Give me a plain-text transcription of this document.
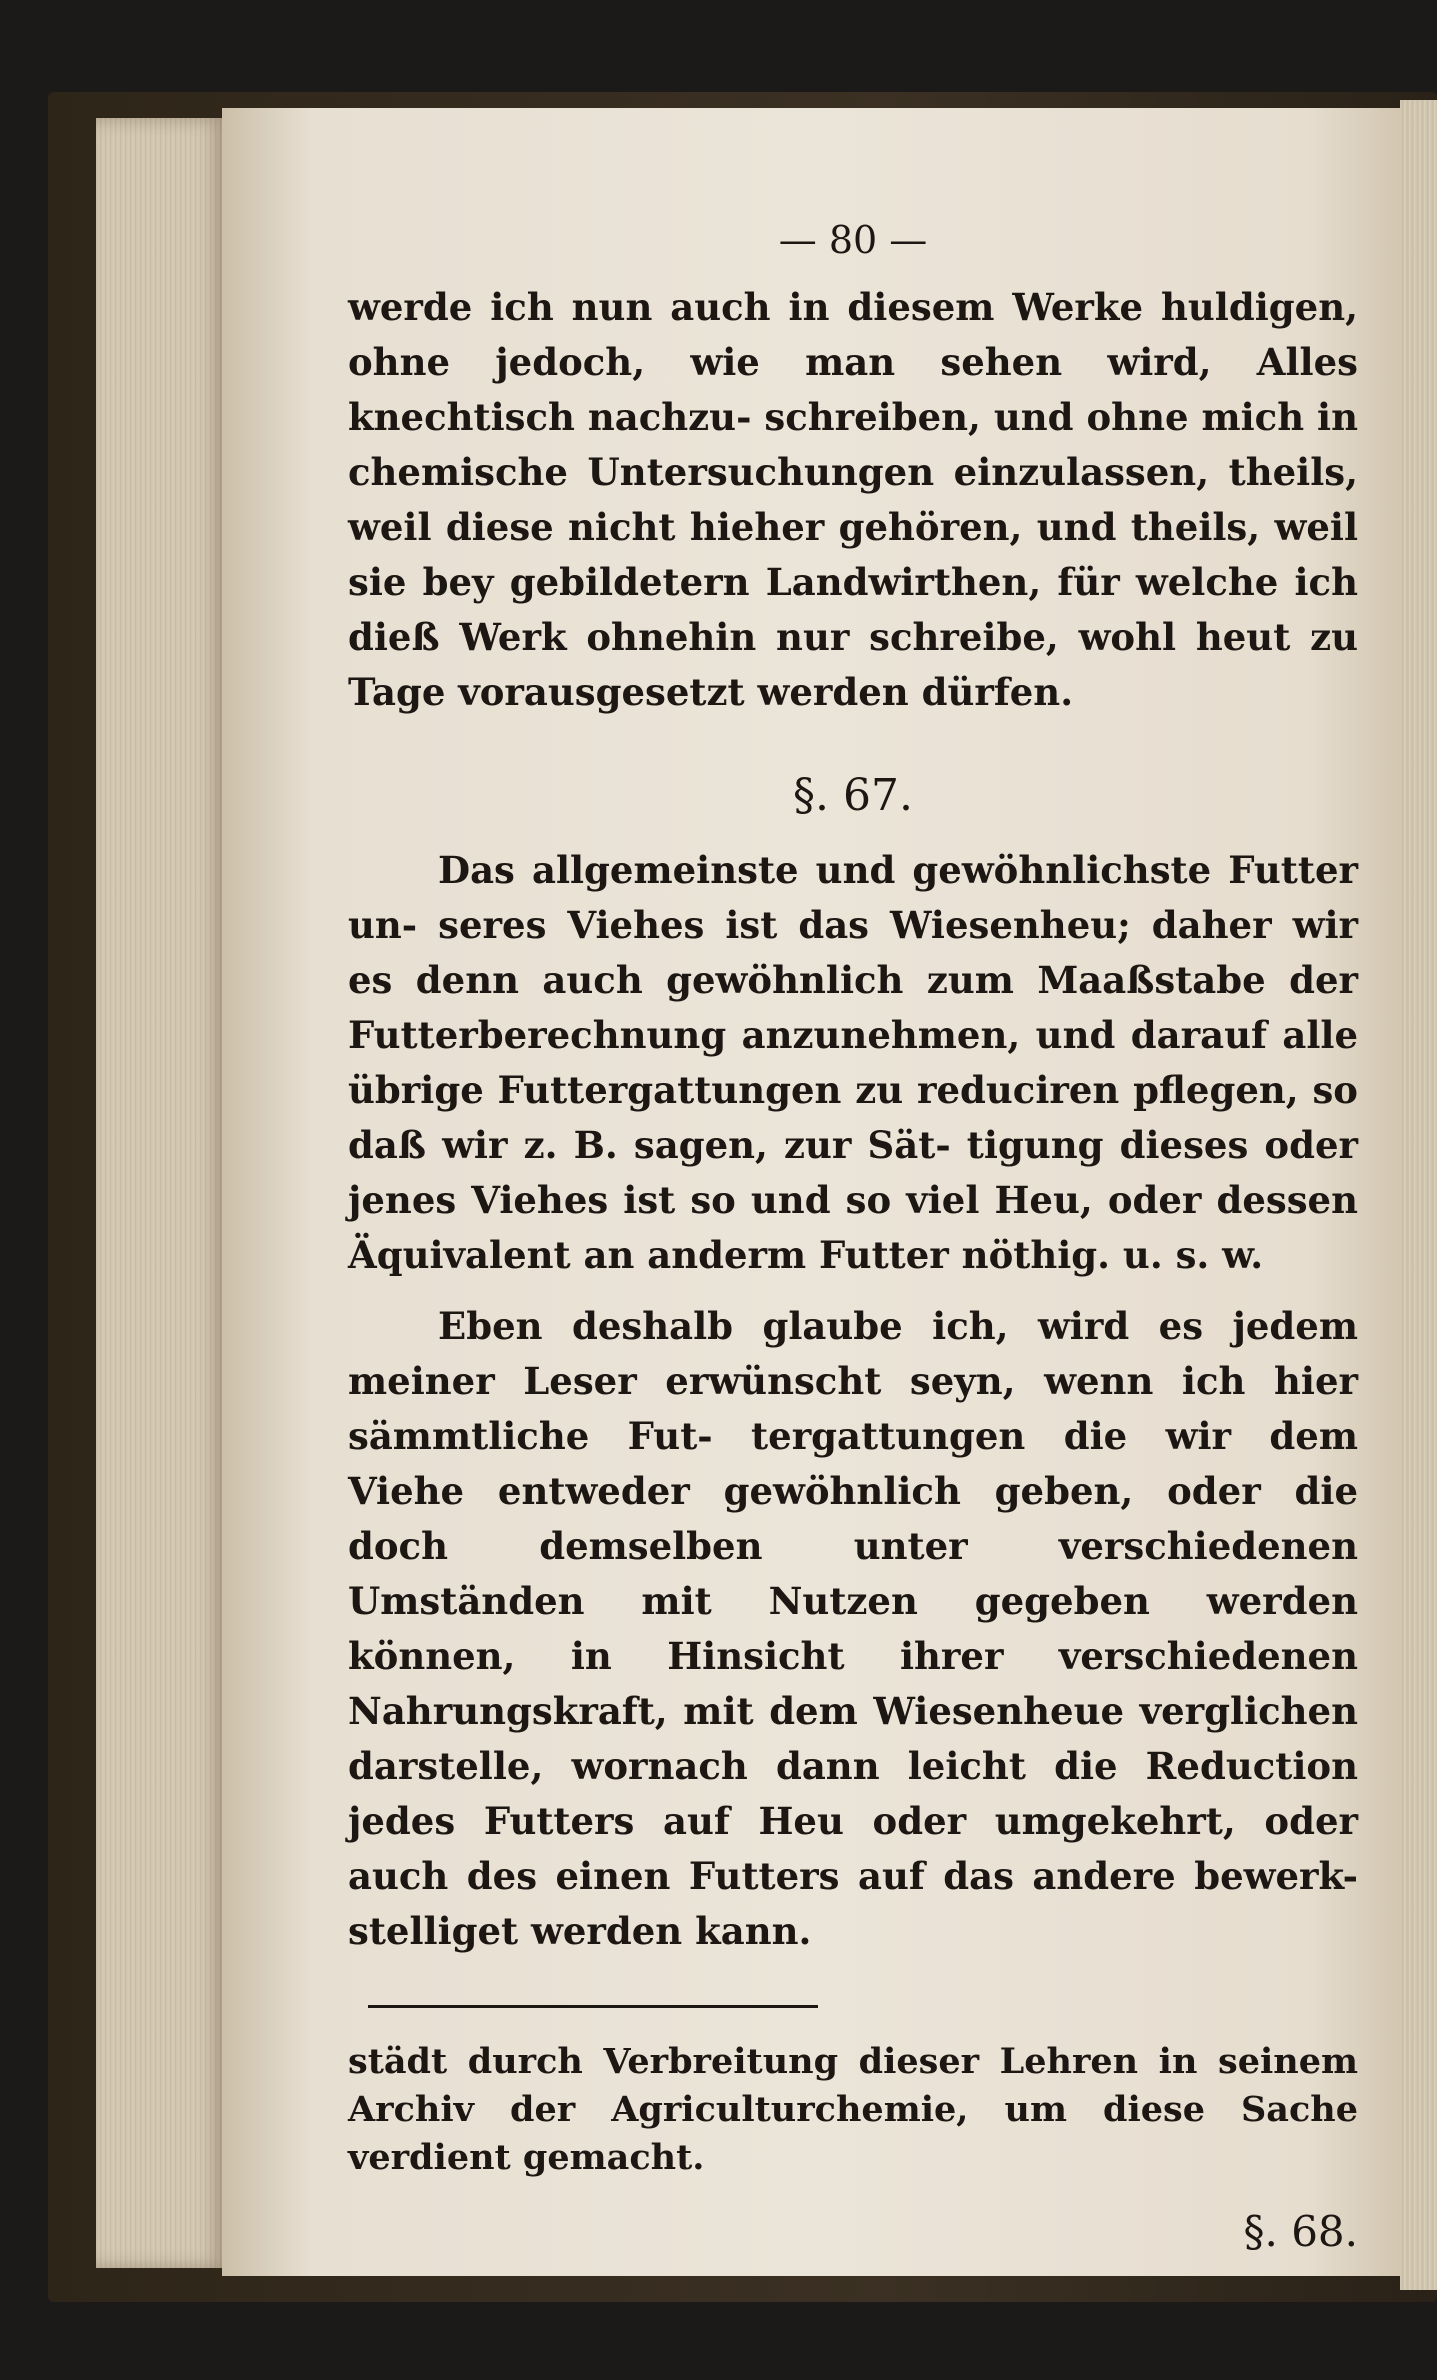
— 80 —

werde ich nun auch in diesem Werke huldigen, ohne jedoch, wie man sehen wird, Alles knechtisch nachzu- schreiben, und ohne mich in chemische Untersuchungen einzulassen, theils, weil diese nicht hieher gehören, und theils, weil sie bey gebildetern Landwirthen, für welche ich dieß Werk ohnehin nur schreibe, wohl heut zu Tage vorausgesetzt werden dürfen.

§. 67.

Das allgemeinste und gewöhnlichste Futter un- seres Viehes ist das Wiesenheu; daher wir es denn auch gewöhnlich zum Maaßstabe der Futterberechnung anzunehmen, und darauf alle übrige Futtergattungen zu reduciren pflegen, so daß wir z. B. sagen, zur Sät- tigung dieses oder jenes Viehes ist so und so viel Heu, oder dessen Äquivalent an anderm Futter nöthig. u. s. w.

Eben deshalb glaube ich, wird es jedem meiner Leser erwünscht seyn, wenn ich hier sämmtliche Fut- tergattungen die wir dem Viehe entweder gewöhnlich geben, oder die doch demselben unter verschiedenen Umständen mit Nutzen gegeben werden können, in Hinsicht ihrer verschiedenen Nahrungskraft, mit dem Wiesenheue verglichen darstelle, wornach dann leicht die Reduction jedes Futters auf Heu oder umgekehrt, oder auch des einen Futters auf das andere bewerk- stelliget werden kann.

städt durch Verbreitung dieser Lehren in seinem Archiv der Agriculturchemie, um diese Sache verdient gemacht.

§. 68.
